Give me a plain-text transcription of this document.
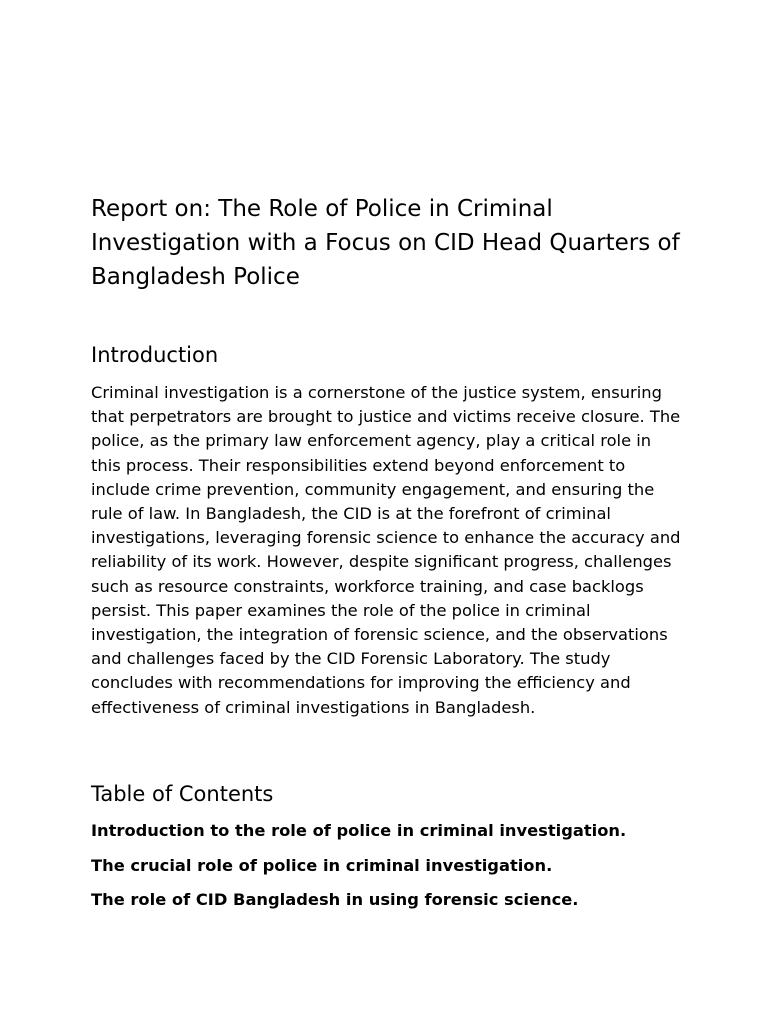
Report on: The Role of Police in Criminal Investigation with a Focus on CID Head Quarters of  Bangladesh Police
Introduction

Criminal investigation is a cornerstone of the justice system, ensuring that perpetrators are brought to justice and victims receive closure. The police, as the primary law enforcement agency, play a critical role in this process. Their responsibilities extend beyond enforcement to include crime prevention, community engagement, and ensuring the rule of law. In Bangladesh, the CID is at the forefront of criminal investigations, leveraging forensic science to enhance the accuracy and reliability of its work. However, despite significant progress, challenges such as resource constraints, workforce training, and case backlogs persist. This paper examines the role of the police in criminal investigation, the integration of forensic science, and the observations and challenges faced by the CID Forensic Laboratory. The study concludes with recommendations for improving the efficiency and effectiveness of criminal investigations in Bangladesh.

Table of Contents
Introduction to the role of police in criminal investigation.
The crucial role of police in criminal investigation.
The role of CID Bangladesh in using forensic science.
